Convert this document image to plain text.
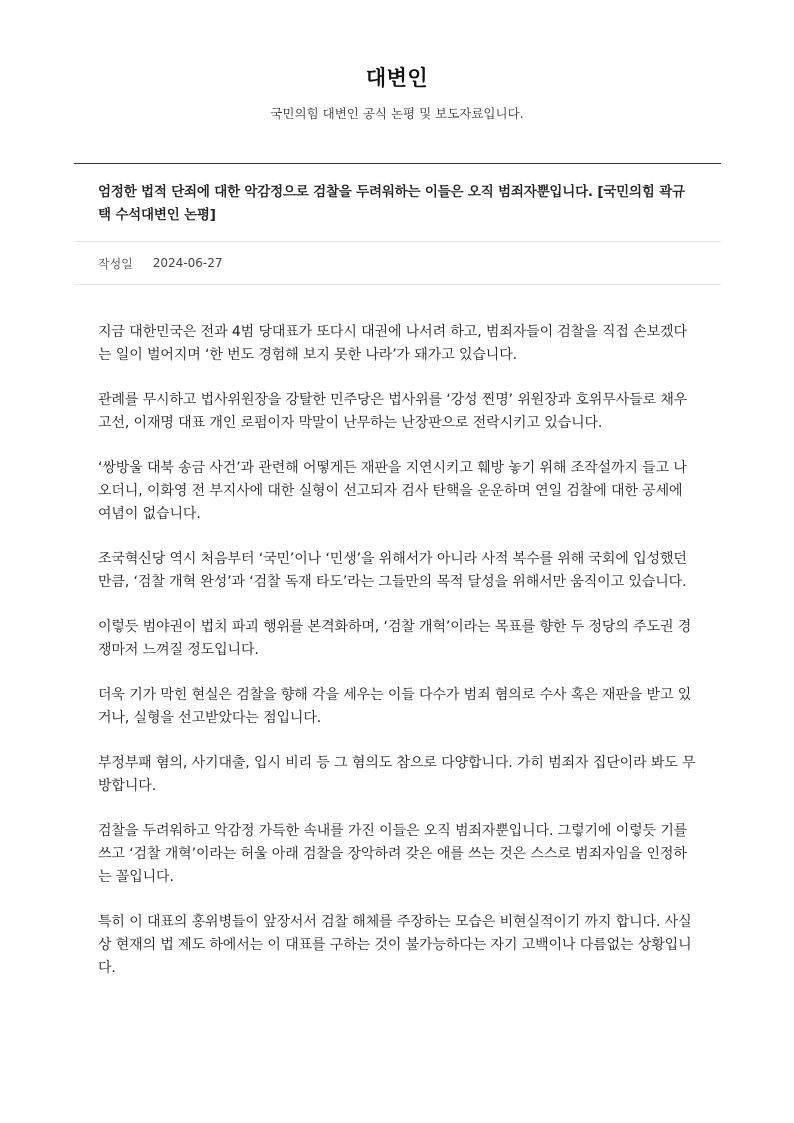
대변인
국민의힘 대변인 공식 논평 및 보도자료입니다.
엄정한 법적 단죄에 대한 악감정으로 검찰을 두려워하는 이들은 오직 범죄자뿐입니다. [국민의힘 곽규택 수석대변인 논평]
작성일 2024-06-27

지금 대한민국은 전과 4범 당대표가 또다시 대권에 나서려 하고, 범죄자들이 검찰을 직접 손보겠다는 일이 벌어지며 ‘한 번도 경험해 보지 못한 나라’가 돼가고 있습니다.

관례를 무시하고 법사위원장을 강탈한 민주당은 법사위를 ‘강성 찐명’ 위원장과 호위무사들로 채우고선, 이재명 대표 개인 로펌이자 막말이 난무하는 난장판으로 전락시키고 있습니다.

‘쌍방울 대북 송금 사건’과 관련해 어떻게든 재판을 지연시키고 훼방 놓기 위해 조작설까지 들고 나오더니, 이화영 전 부지사에 대한 실형이 선고되자 검사 탄핵을 운운하며 연일 검찰에 대한 공세에 여념이 없습니다.

조국혁신당 역시 처음부터 ‘국민’이나 ‘민생’을 위해서가 아니라 사적 복수를 위해 국회에 입성했던 만큼, ‘검찰 개혁 완성’과 ‘검찰 독재 타도’라는 그들만의 목적 달성을 위해서만 움직이고 있습니다.

이렇듯 범야권이 법치 파괴 행위를 본격화하며, ‘검찰 개혁’이라는 목표를 향한 두 정당의 주도권 경쟁마저 느껴질 정도입니다.

더욱 기가 막힌 현실은 검찰을 향해 각을 세우는 이들 다수가 범죄 혐의로 수사 혹은 재판을 받고 있거나, 실형을 선고받았다는 점입니다.

부정부패 혐의, 사기대출, 입시 비리 등 그 혐의도 참으로 다양합니다. 가히 범죄자 집단이라 봐도 무방합니다.

검찰을 두려워하고 악감정 가득한 속내를 가진 이들은 오직 범죄자뿐입니다. 그렇기에 이렇듯 기를 쓰고 ‘검찰 개혁’이라는 허울 아래 검찰을 장악하려 갖은 애를 쓰는 것은 스스로 범죄자임을 인정하는 꼴입니다.

특히 이 대표의 홍위병들이 앞장서서 검찰 해체를 주장하는 모습은 비현실적이기 까지 합니다. 사실상 현재의 법 제도 하에서는 이 대표를 구하는 것이 불가능하다는 자기 고백이나 다름없는 상황입니다.
